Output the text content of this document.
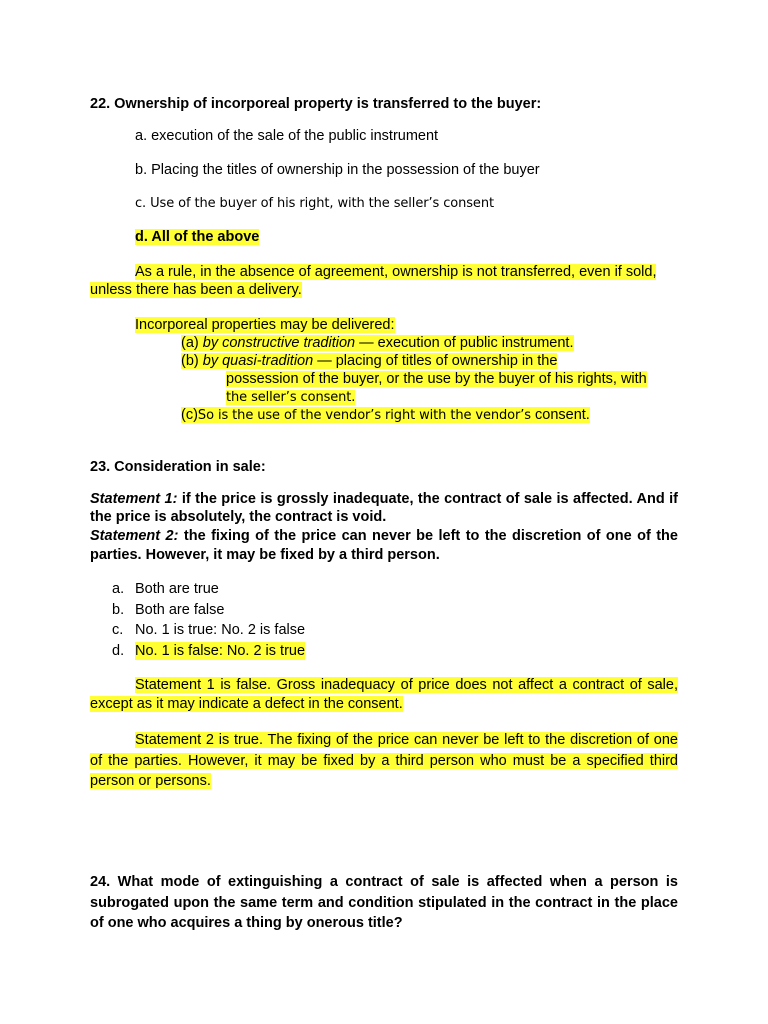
22. Ownership of incorporeal property is transferred to the buyer:
a. execution of the sale of the public instrument
b. Placing the titles of ownership in the possession of the buyer
c. Use of the buyer of his right, with the seller’s consent
d. All of the above
As a rule, in the absence of agreement, ownership is not transferred, even if sold,
unless there has been a delivery.
Incorporeal properties may be delivered:
(a) by constructive tradition — execution of public instrument.
(b) by quasi-tradition — placing of titles of ownership in the
possession of the buyer, or the use by the buyer of his rights, with
the seller’s consent.
(c)So is the use of the vendor’s right with the vendor’s consent.
23. Consideration in sale:
Statement 1: if the price is grossly inadequate, the contract of sale is affected. And if the price is absolutely, the contract is void.
Statement 2: the fixing of the price can never be left to the discretion of one of the parties. However, it may be fixed by a third person.
a. Both are true
b. Both are false
c. No. 1 is true: No. 2 is false
d. No. 1 is false: No. 2 is true
Statement 1 is false. Gross inadequacy of price does not affect a contract of sale, except as it may indicate a defect in the consent.
Statement 2 is true. The fixing of the price can never be left to the discretion of one of the parties. However, it may be fixed by a third person who must be a specified third person or persons.
24. What mode of extinguishing a contract of sale is affected when a person is subrogated upon the same term and condition stipulated in the contract in the place of one who acquires a thing by onerous title?
